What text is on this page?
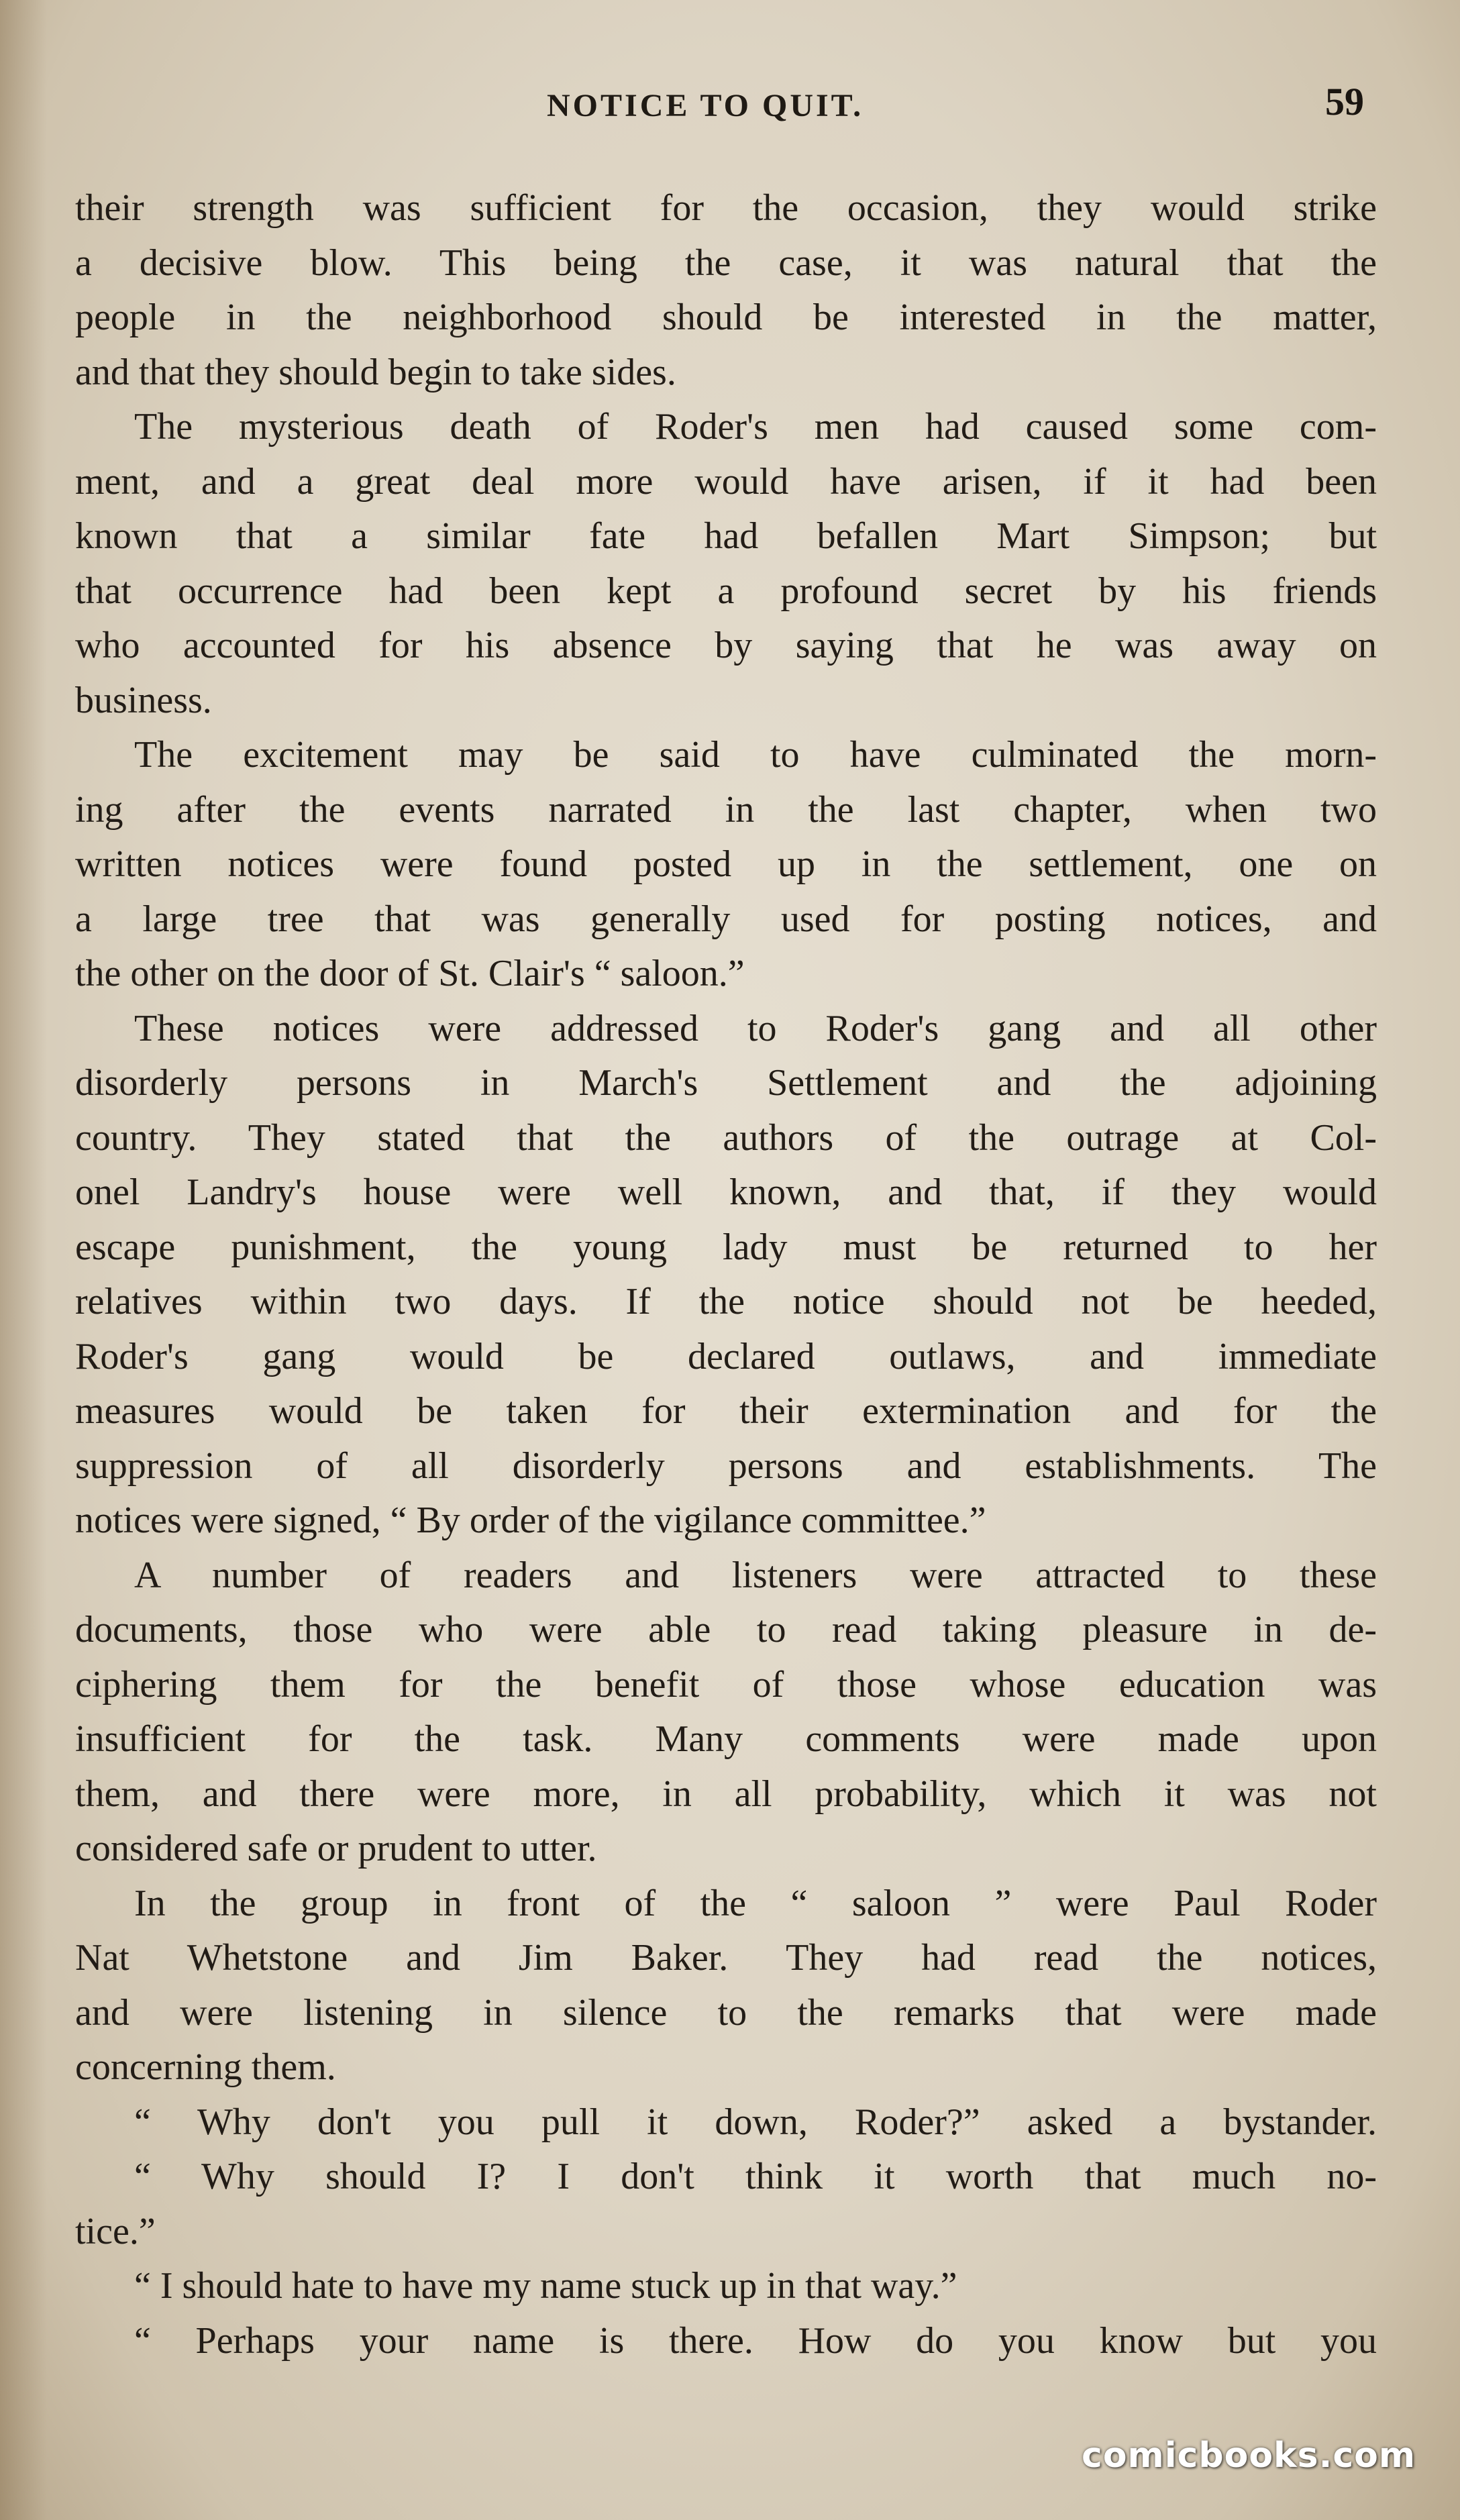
NOTICE TO QUIT.	59
their strength was sufficient for the occasion, they would strike
a decisive blow. This being the case, it was natural that the
people in the neighborhood should be interested in the matter,
and that they should begin to take sides.
The mysterious death of Roder's men had caused some com-
ment, and a great deal more would have arisen, if it had been
known that a similar fate had befallen Mart Simpson; but
that occurrence had been kept a profound secret by his friends
who accounted for his absence by saying that he was away on
business.
The excitement may be said to have culminated the morn-
ing after the events narrated in the last chapter, when two
written notices were found posted up in the settlement, one on
a large tree that was generally used for posting notices, and
the other on the door of St. Clair's “ saloon.”
These notices were addressed to Roder's gang and all other
disorderly persons in March's Settlement and the adjoining
country. They stated that the authors of the outrage at Col-
onel Landry's house were well known, and that, if they would
escape punishment, the young lady must be returned to her
relatives within two days. If the notice should not be heeded,
Roder's gang would be declared outlaws, and immediate
measures would be taken for their extermination and for the
suppression of all disorderly persons and establishments. The
notices were signed, “ By order of the vigilance committee.”
A number of readers and listeners were attracted to these
documents, those who were able to read taking pleasure in de-
ciphering them for the benefit of those whose education was
insufficient for the task. Many comments were made upon
them, and there were more, in all probability, which it was not
considered safe or prudent to utter.
In the group in front of the “ saloon ” were Paul Roder
Nat Whetstone and Jim Baker. They had read the notices,
and were listening in silence to the remarks that were made
concerning them.
“ Why don't you pull it down, Roder?” asked a bystander.
“ Why should I? I don't think it worth that much no-
tice.”
“ I should hate to have my name stuck up in that way.”
“ Perhaps your name is there. How do you know but you
comicbooks.com
